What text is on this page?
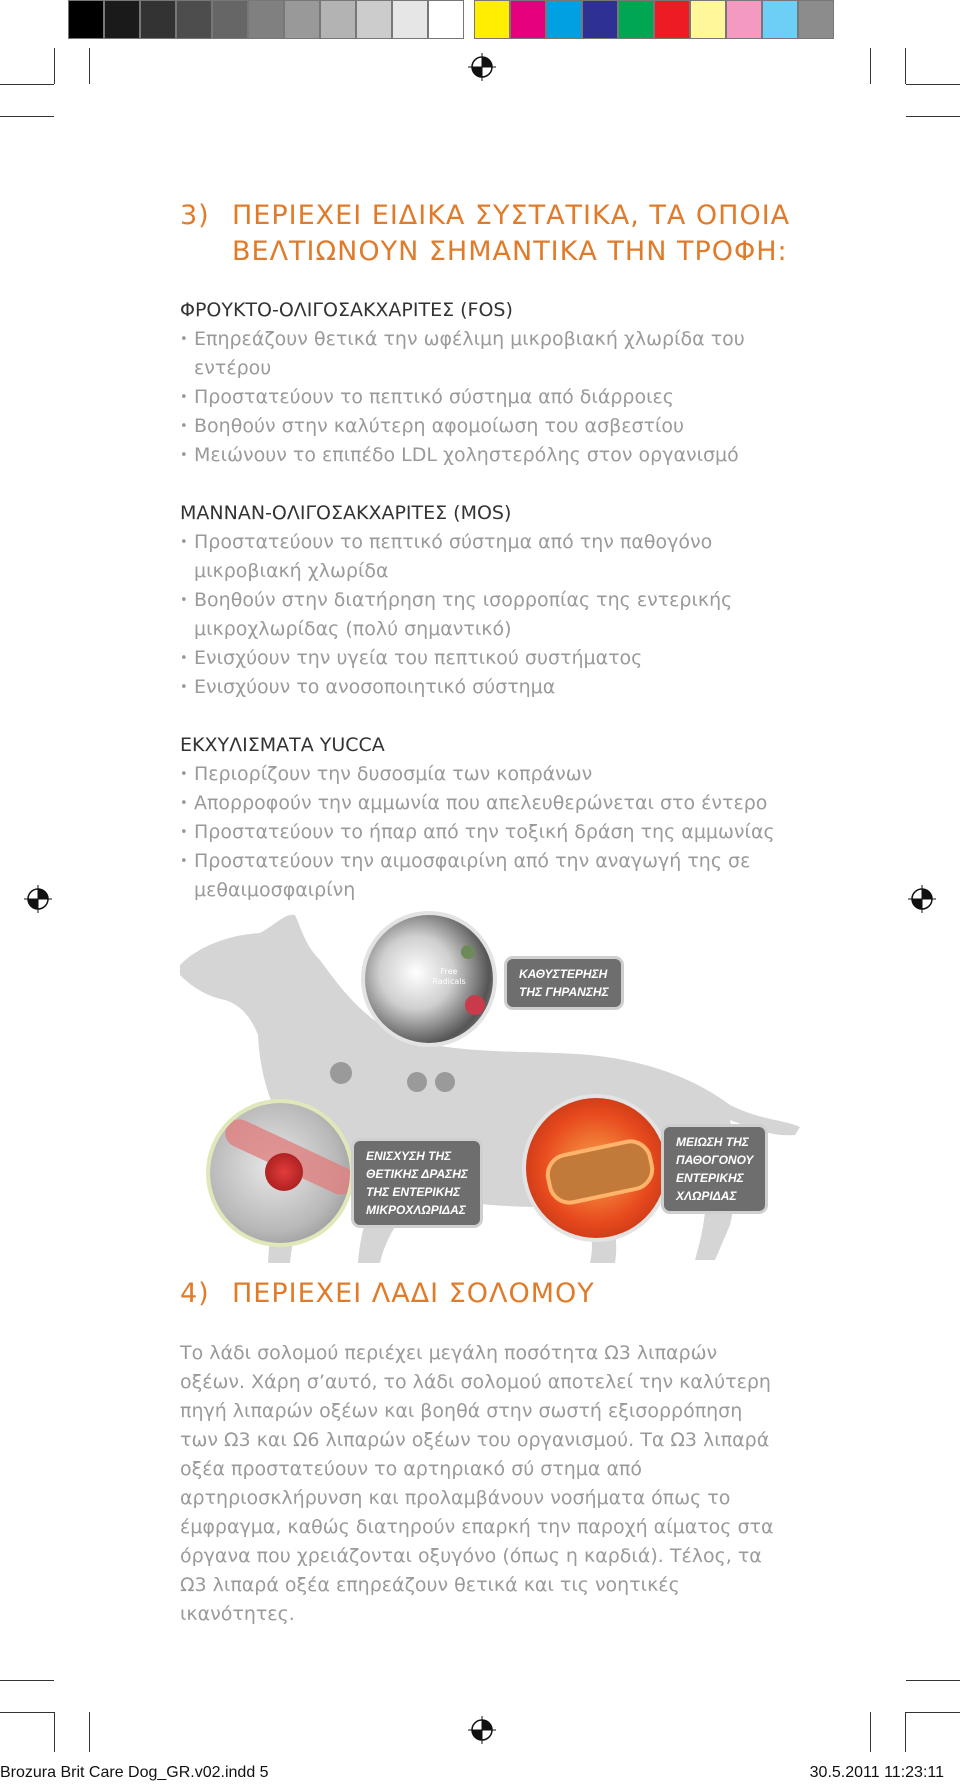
3) ΠΕΡΙΕΧΕΙ ΕΙΔΙΚΑ ΣΥΣΤΑΤΙΚΑ, ΤΑ ΟΠΟΙΑ
ΒΕΛΤΙΩΝΟΥΝ ΣΗΜΑΝΤΙΚΑ ΤΗΝ ΤΡΟΦΗ:
ΦΡΟΥΚΤΟ-ΟΛΙΓΟΣΑΚΧΑΡΙΤΕΣ (FOS)
• Επηρεάζουν θετικά την ωφέλιμη μικροβιακή χλωρίδα του εντέρου
• Προστατεύουν το πεπτικό σύστημα από διάρροιες
• Βοηθούν στην καλύτερη αφομοίωση του ασβεστίου
• Μειώνουν το επιπέδο LDL χοληστερόλης στον οργανισμό
ΜΑΝΝΑΝ-ΟΛΙΓΟΣΑΚΧΑΡΙΤΕΣ (MOS)
• Προστατεύουν το πεπτικό σύστημα από την παθογόνο μικροβιακή χλωρίδα
• Βοηθούν στην διατήρηση της ισορροπίας της εντερικής μικροχλωρίδας (πολύ σημαντικό)
• Ενισχύουν την υγεία του πεπτικού συστήματος
• Ενισχύουν το ανοσοποιητικό σύστημα
ΕΚΧΥΛΙΣΜΑΤΑ YUCCA
• Περιορίζουν την δυσοσμία των κοπράνων
• Απορροφούν την αμμωνία που απελευθερώνεται στο έντερο
• Προστατεύουν το ήπαρ από την τοξική δράση της αμμωνίας
• Προστατεύουν την αιμοσφαιρίνη από την αναγωγή της σε μεθαιμοσφαιρίνη
Free
Radicals
ΚΑΘΥΣΤΕΡΗΣΗ
ΤΗΣ ΓΗΡΑΝΣΗΣ
ΕΝΙΣΧΥΣΗ ΤΗΣ
ΘΕΤΙΚΗΣ ΔΡΑΣΗΣ
ΤΗΣ ΕΝΤΕΡΙΚΗΣ
ΜΙΚΡΟΧΛΩΡΙΔΑΣ
ΜΕΙΩΣΗ ΤΗΣ
ΠΑΘΟΓΟΝΟΥ
ΕΝΤΕΡΙΚΗΣ
ΧΛΩΡΙΔΑΣ
4) ΠΕΡΙΕΧΕΙ ΛΑΔΙ ΣΟΛΟΜΟΥ
Το λάδι σολομού περιέχει μεγάλη ποσότητα Ω3 λιπαρών οξέων. Χάρη σ’αυτό, το λάδι σολομού αποτελεί την καλύτερη πηγή λιπαρών οξέων και βοηθά στην σωστή εξισορρόπηση των Ω3 και Ω6 λιπαρών οξέων του οργανισμού. Τα Ω3 λιπαρά οξέα προστατεύουν το αρτηριακό σύ στημα από αρτηριοσκλήρυνση και προλαμβάνουν νοσήματα όπως το έμφραγμα, καθώς διατηρούν επαρκή την παροχή αίματος στα όργανα που χρειάζονται οξυγόνο (όπως η καρδιά). Τέλος, τα Ω3 λιπαρά οξέα επηρεάζουν θετικά και τις νοητικές ικανότητες.
Brozura Brit Care Dog_GR.v02.indd 5	30.5.2011 11:23:11
